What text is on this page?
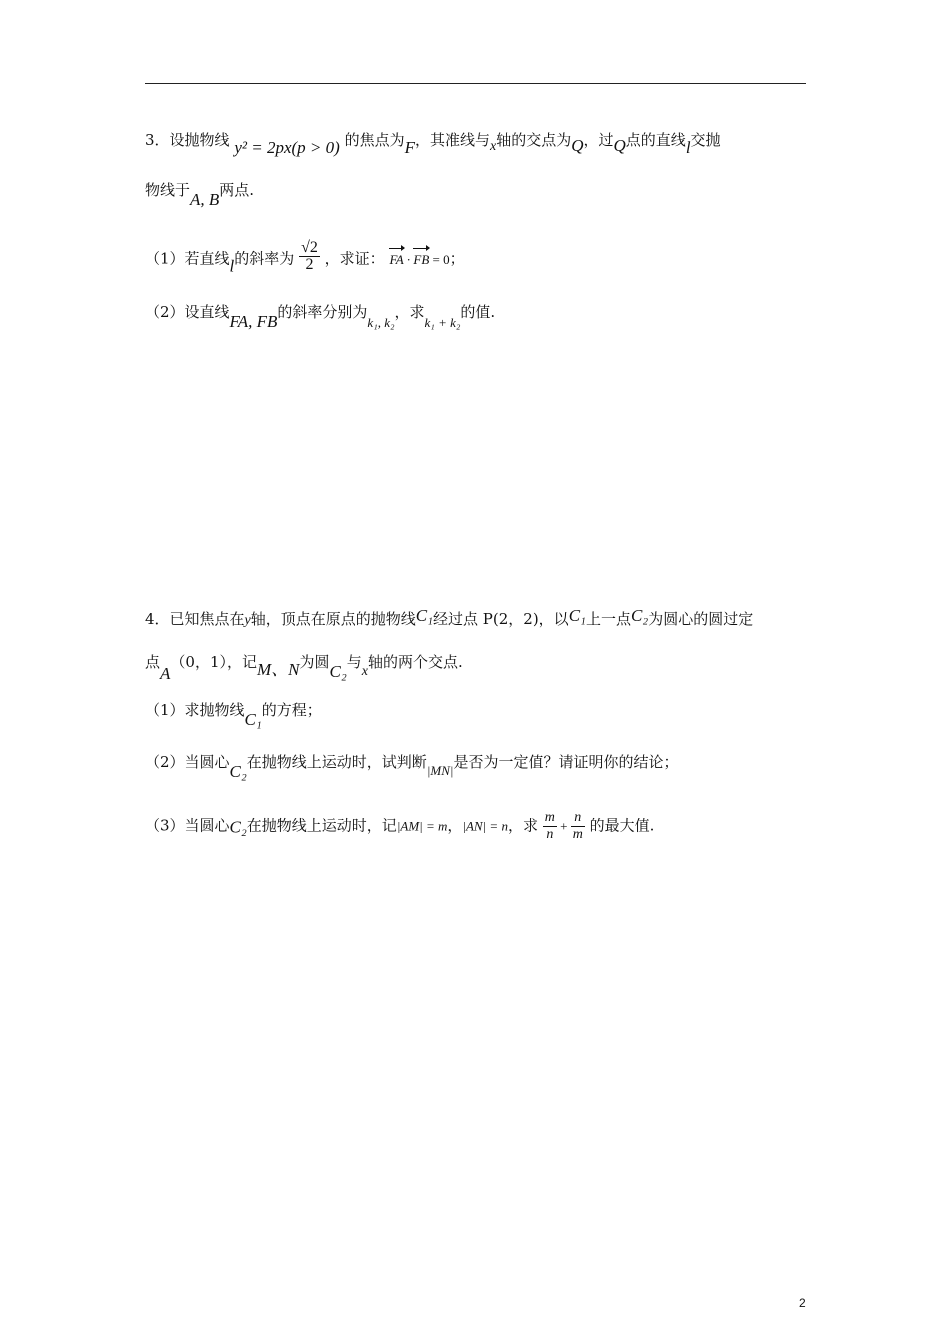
3．设抛物线 y² = 2px(p > 0) 的焦点为F，其准线与x轴的交点为Q，过Q点的直线l交抛
物线于A, B两点.
（1）若直线l的斜率为 $\frac{√2}{2}$ ，求证： FA · FB = 0；
（2）设直线FA, FB的斜率分别为k₁, k₂，求k₁ + k₂的值.
4．已知焦点在y轴，顶点在原点的抛物线C₁经过点 P(2，2)，以C₁上一点C₂为圆心的圆过定
点A（0，1），记M、N为圆C₂与x轴的两个交点.
（1）求抛物线C₁的方程；
（2）当圆心C₂在抛物线上运动时，试判断|MN|是否为一定值？请证明你的结论；
（3）当圆心C₂在抛物线上运动时，记|AM| = m，|AN| = n，求 $\frac{m}{n} + \frac{n}{m}$ 的最大值.
2
